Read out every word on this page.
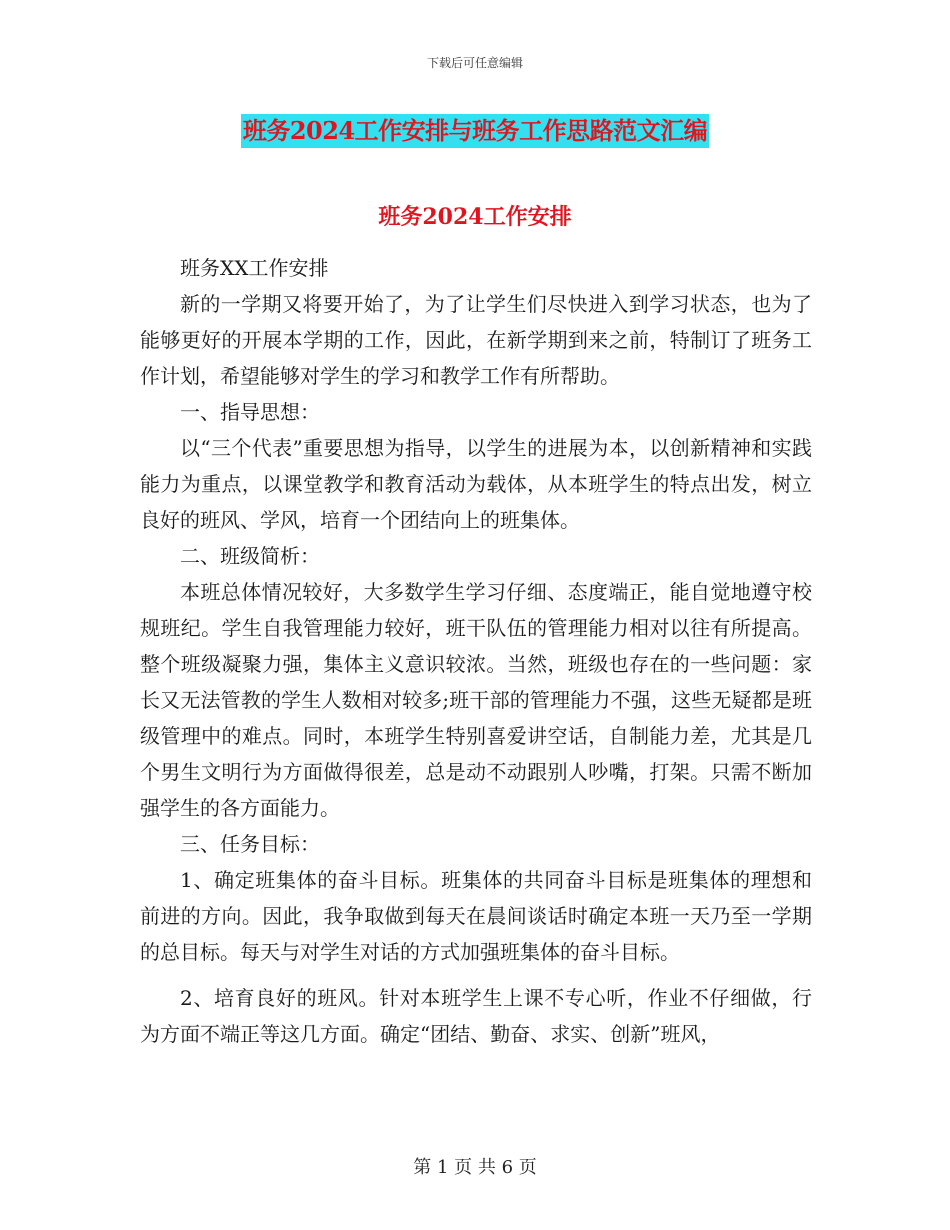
下载后可任意编辑
班务2024工作安排与班务工作思路范文汇编
班务2024工作安排

班务XX工作安排

新的一学期又将要开始了，为了让学生们尽快进入到学习状态，也为了能够更好的开展本学期的工作，因此，在新学期到来之前，特制订了班务工作计划，希望能够对学生的学习和教学工作有所帮助。

一、指导思想：

以“三个代表”重要思想为指导，以学生的进展为本，以创新精神和实践能力为重点，以课堂教学和教育活动为载体，从本班学生的特点出发，树立良好的班风、学风，培育一个团结向上的班集体。

二、班级简析：

本班总体情况较好，大多数学生学习仔细、态度端正，能自觉地遵守校规班纪。学生自我管理能力较好，班干队伍的管理能力相对以往有所提高。整个班级凝聚力强，集体主义意识较浓。当然，班级也存在的一些问题：家长又无法管教的学生人数相对较多;班干部的管理能力不强，这些无疑都是班级管理中的难点。同时，本班学生特别喜爱讲空话，自制能力差，尤其是几个男生文明行为方面做得很差，总是动不动跟别人吵嘴，打架。只需不断加强学生的各方面能力。

三、任务目标：

1、确定班集体的奋斗目标。班集体的共同奋斗目标是班集体的理想和前进的方向。因此，我争取做到每天在晨间谈话时确定本班一天乃至一学期的总目标。每天与对学生对话的方式加强班集体的奋斗目标。

2、培育良好的班风。针对本班学生上课不专心听，作业不仔细做，行为方面不端正等这几方面。确定“团结、勤奋、求实、创新”班风，

第 1 页 共 6 页
